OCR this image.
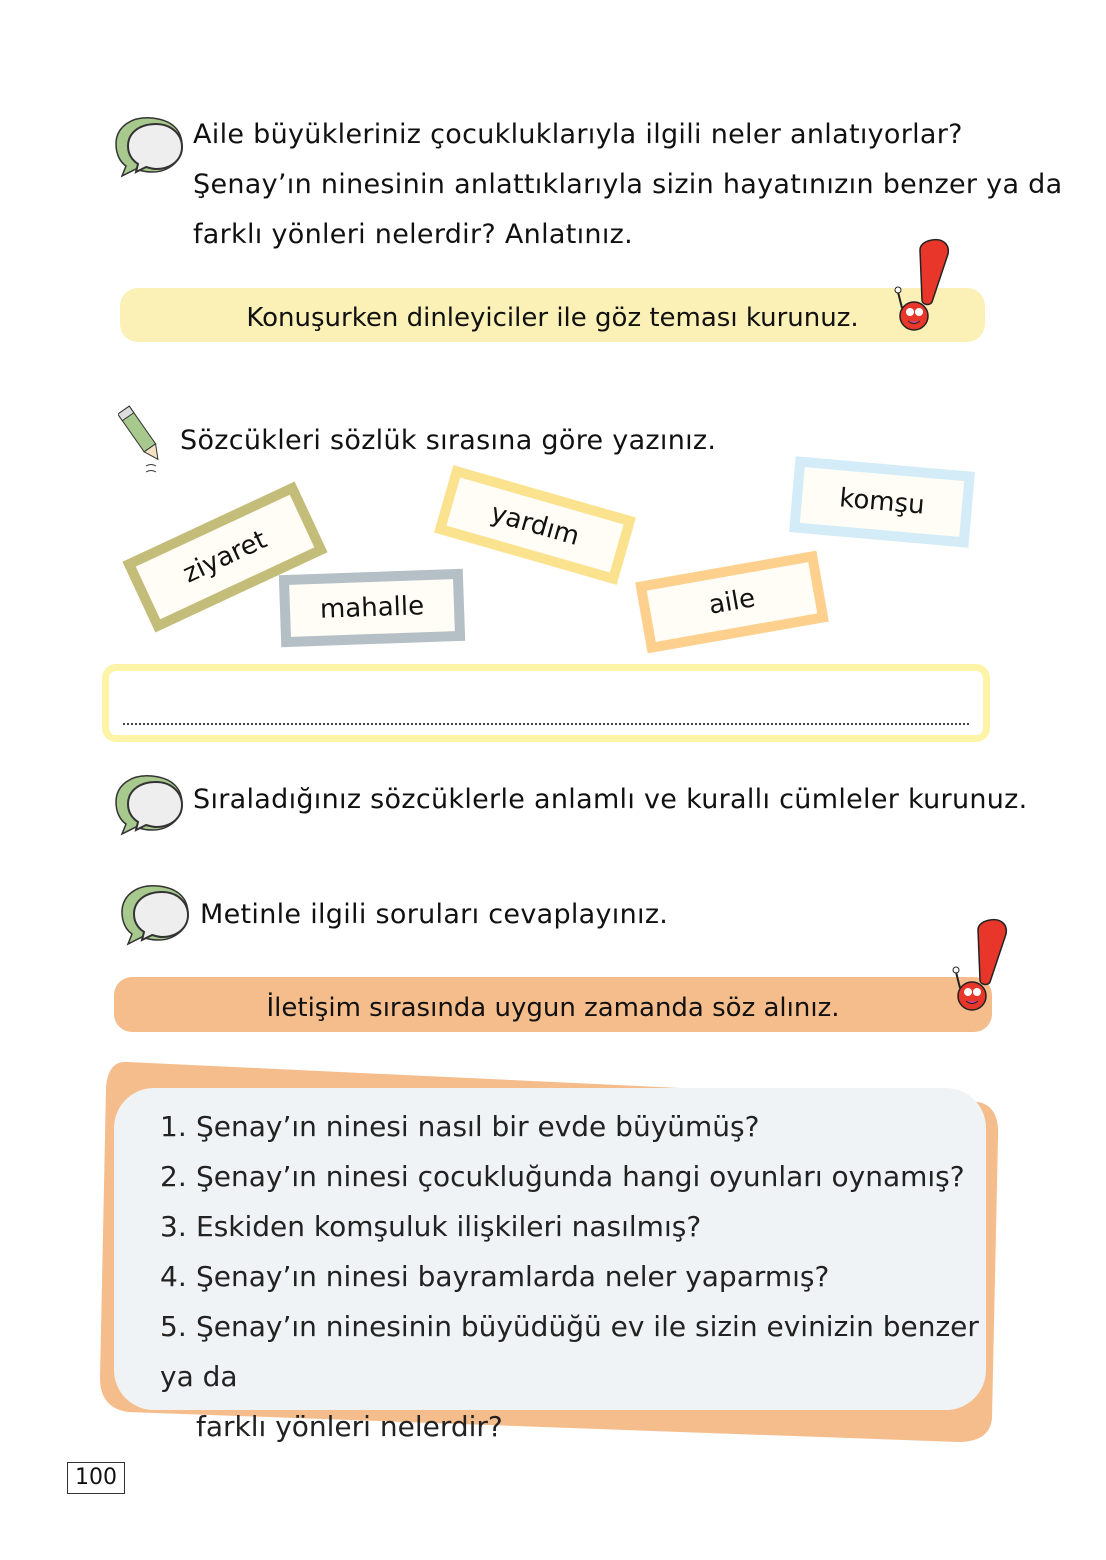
Aile büyükleriniz çocukluklarıyla ilgili neler anlatıyorlar?
Şenay’ın ninesinin anlattıklarıyla sizin hayatınızın benzer ya da
farklı yönleri nelerdir? Anlatınız.
Konuşurken dinleyiciler ile göz teması kurunuz.
Sözcükleri sözlük sırasına göre yazınız.
ziyaret	yardım	komşu
mahalle	aile
Sıraladığınız sözcüklerle anlamlı ve kurallı cümleler kurunuz.
Metinle ilgili soruları cevaplayınız.
İletişim sırasında uygun zamanda söz alınız.
1. Şenay’ın ninesi nasıl bir evde büyümüş?
2. Şenay’ın ninesi çocukluğunda hangi oyunları oynamış?
3. Eskiden komşuluk ilişkileri nasılmış?
4. Şenay’ın ninesi bayramlarda neler yaparmış?
5. Şenay’ın ninesinin büyüdüğü ev ile sizin evinizin benzer ya da
farklı yönleri nelerdir?
100
